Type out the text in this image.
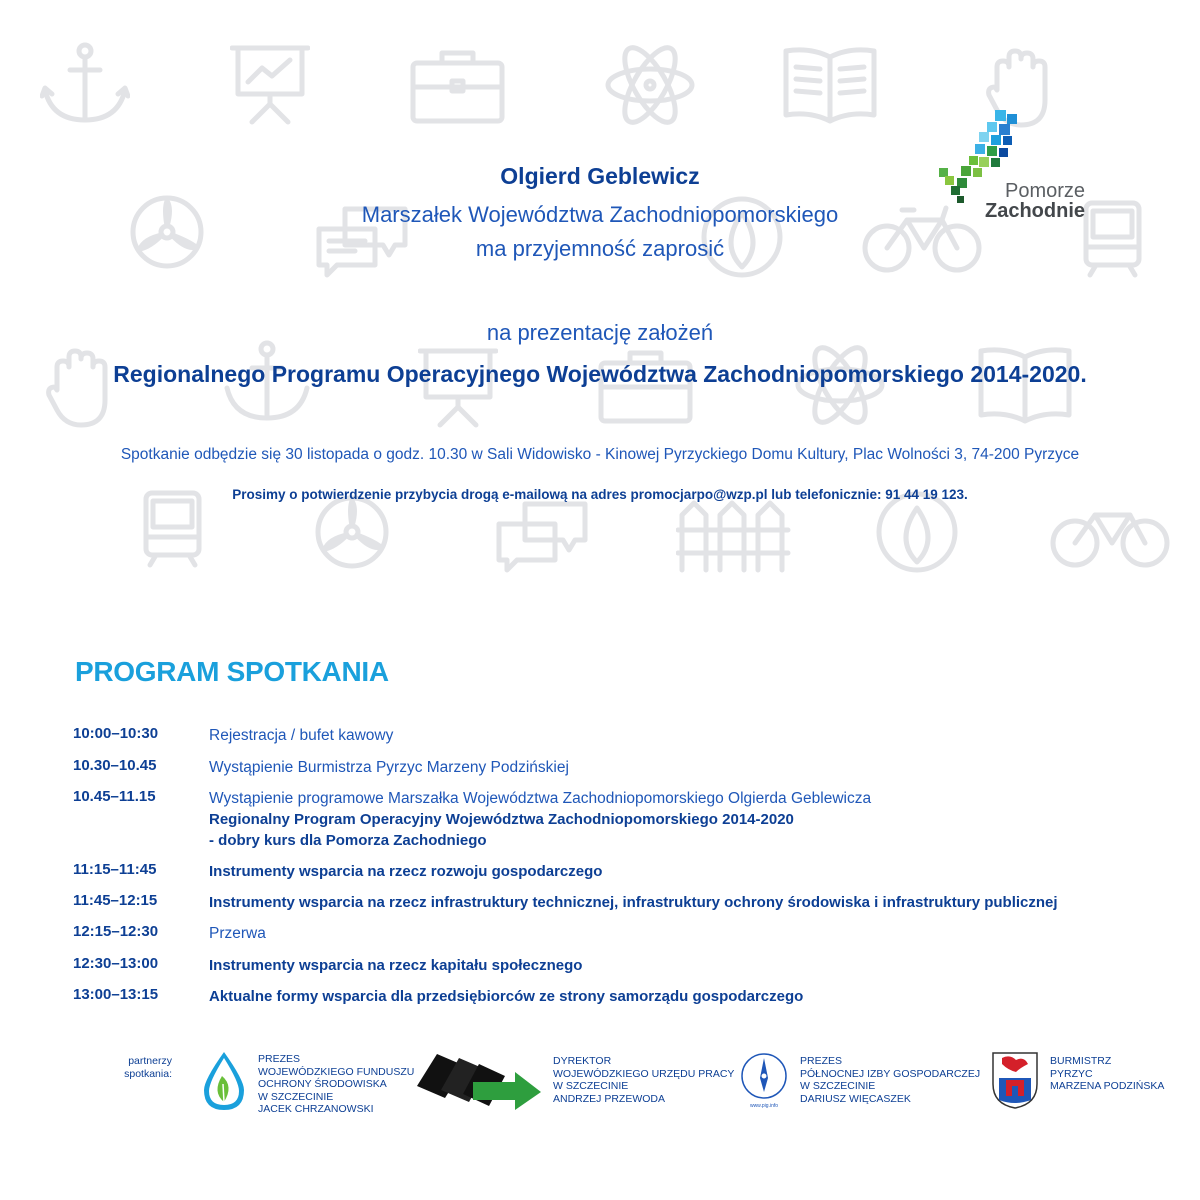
Pomorze
Zachodnie
Olgierd Geblewicz
Marszałek Województwa Zachodniopomorskiego
ma przyjemność zaprosić
na prezentację założeń
Regionalnego Programu Operacyjnego Województwa Zachodniopomorskiego 2014-2020.
Spotkanie odbędzie się 30 listopada o godz. 10.30 w Sali Widowisko - Kinowej Pyrzyckiego Domu Kultury, Plac Wolności 3, 74-200 Pyrzyce
Prosimy o potwierdzenie przybycia drogą e-mailową na adres promocjarpo@wzp.pl lub telefonicznie: 91 44 19 123.
PROGRAM SPOTKANIA
10:00–10:30	Rejestracja / bufet kawowy
10.30–10.45	Wystąpienie Burmistrza Pyrzyc Marzeny Podzińskiej
10.45–11.15	Wystąpienie programowe Marszałka Województwa Zachodniopomorskiego Olgierda Geblewicza
Regionalny Program Operacyjny Województwa Zachodniopomorskiego 2014-2020
- dobry kurs dla Pomorza Zachodniego
11:15–11:45	Instrumenty wsparcia na rzecz rozwoju gospodarczego
11:45–12:15	Instrumenty wsparcia na rzecz infrastruktury technicznej, infrastruktury ochrony środowiska i infrastruktury publicznej
12:15–12:30	Przerwa
12:30–13:00	Instrumenty wsparcia na rzecz kapitału społecznego
13:00–13:15	Aktualne formy wsparcia dla przedsiębiorców ze strony samorządu gospodarczego
partnerzy
spotkania:
PREZES
WOJEWÓDZKIEGO FUNDUSZU
OCHRONY ŚRODOWISKA
W SZCZECINIE
JACEK CHRZANOWSKI
DYREKTOR
WOJEWÓDZKIEGO URZĘDU PRACY
W SZCZECINIE
ANDRZEJ PRZEWODA
www.pig.info
PREZES
PÓŁNOCNEJ IZBY GOSPODARCZEJ
W SZCZECINIE
DARIUSZ WIĘCASZEK
BURMISTRZ
PYRZYC
MARZENA PODZIŃSKA
